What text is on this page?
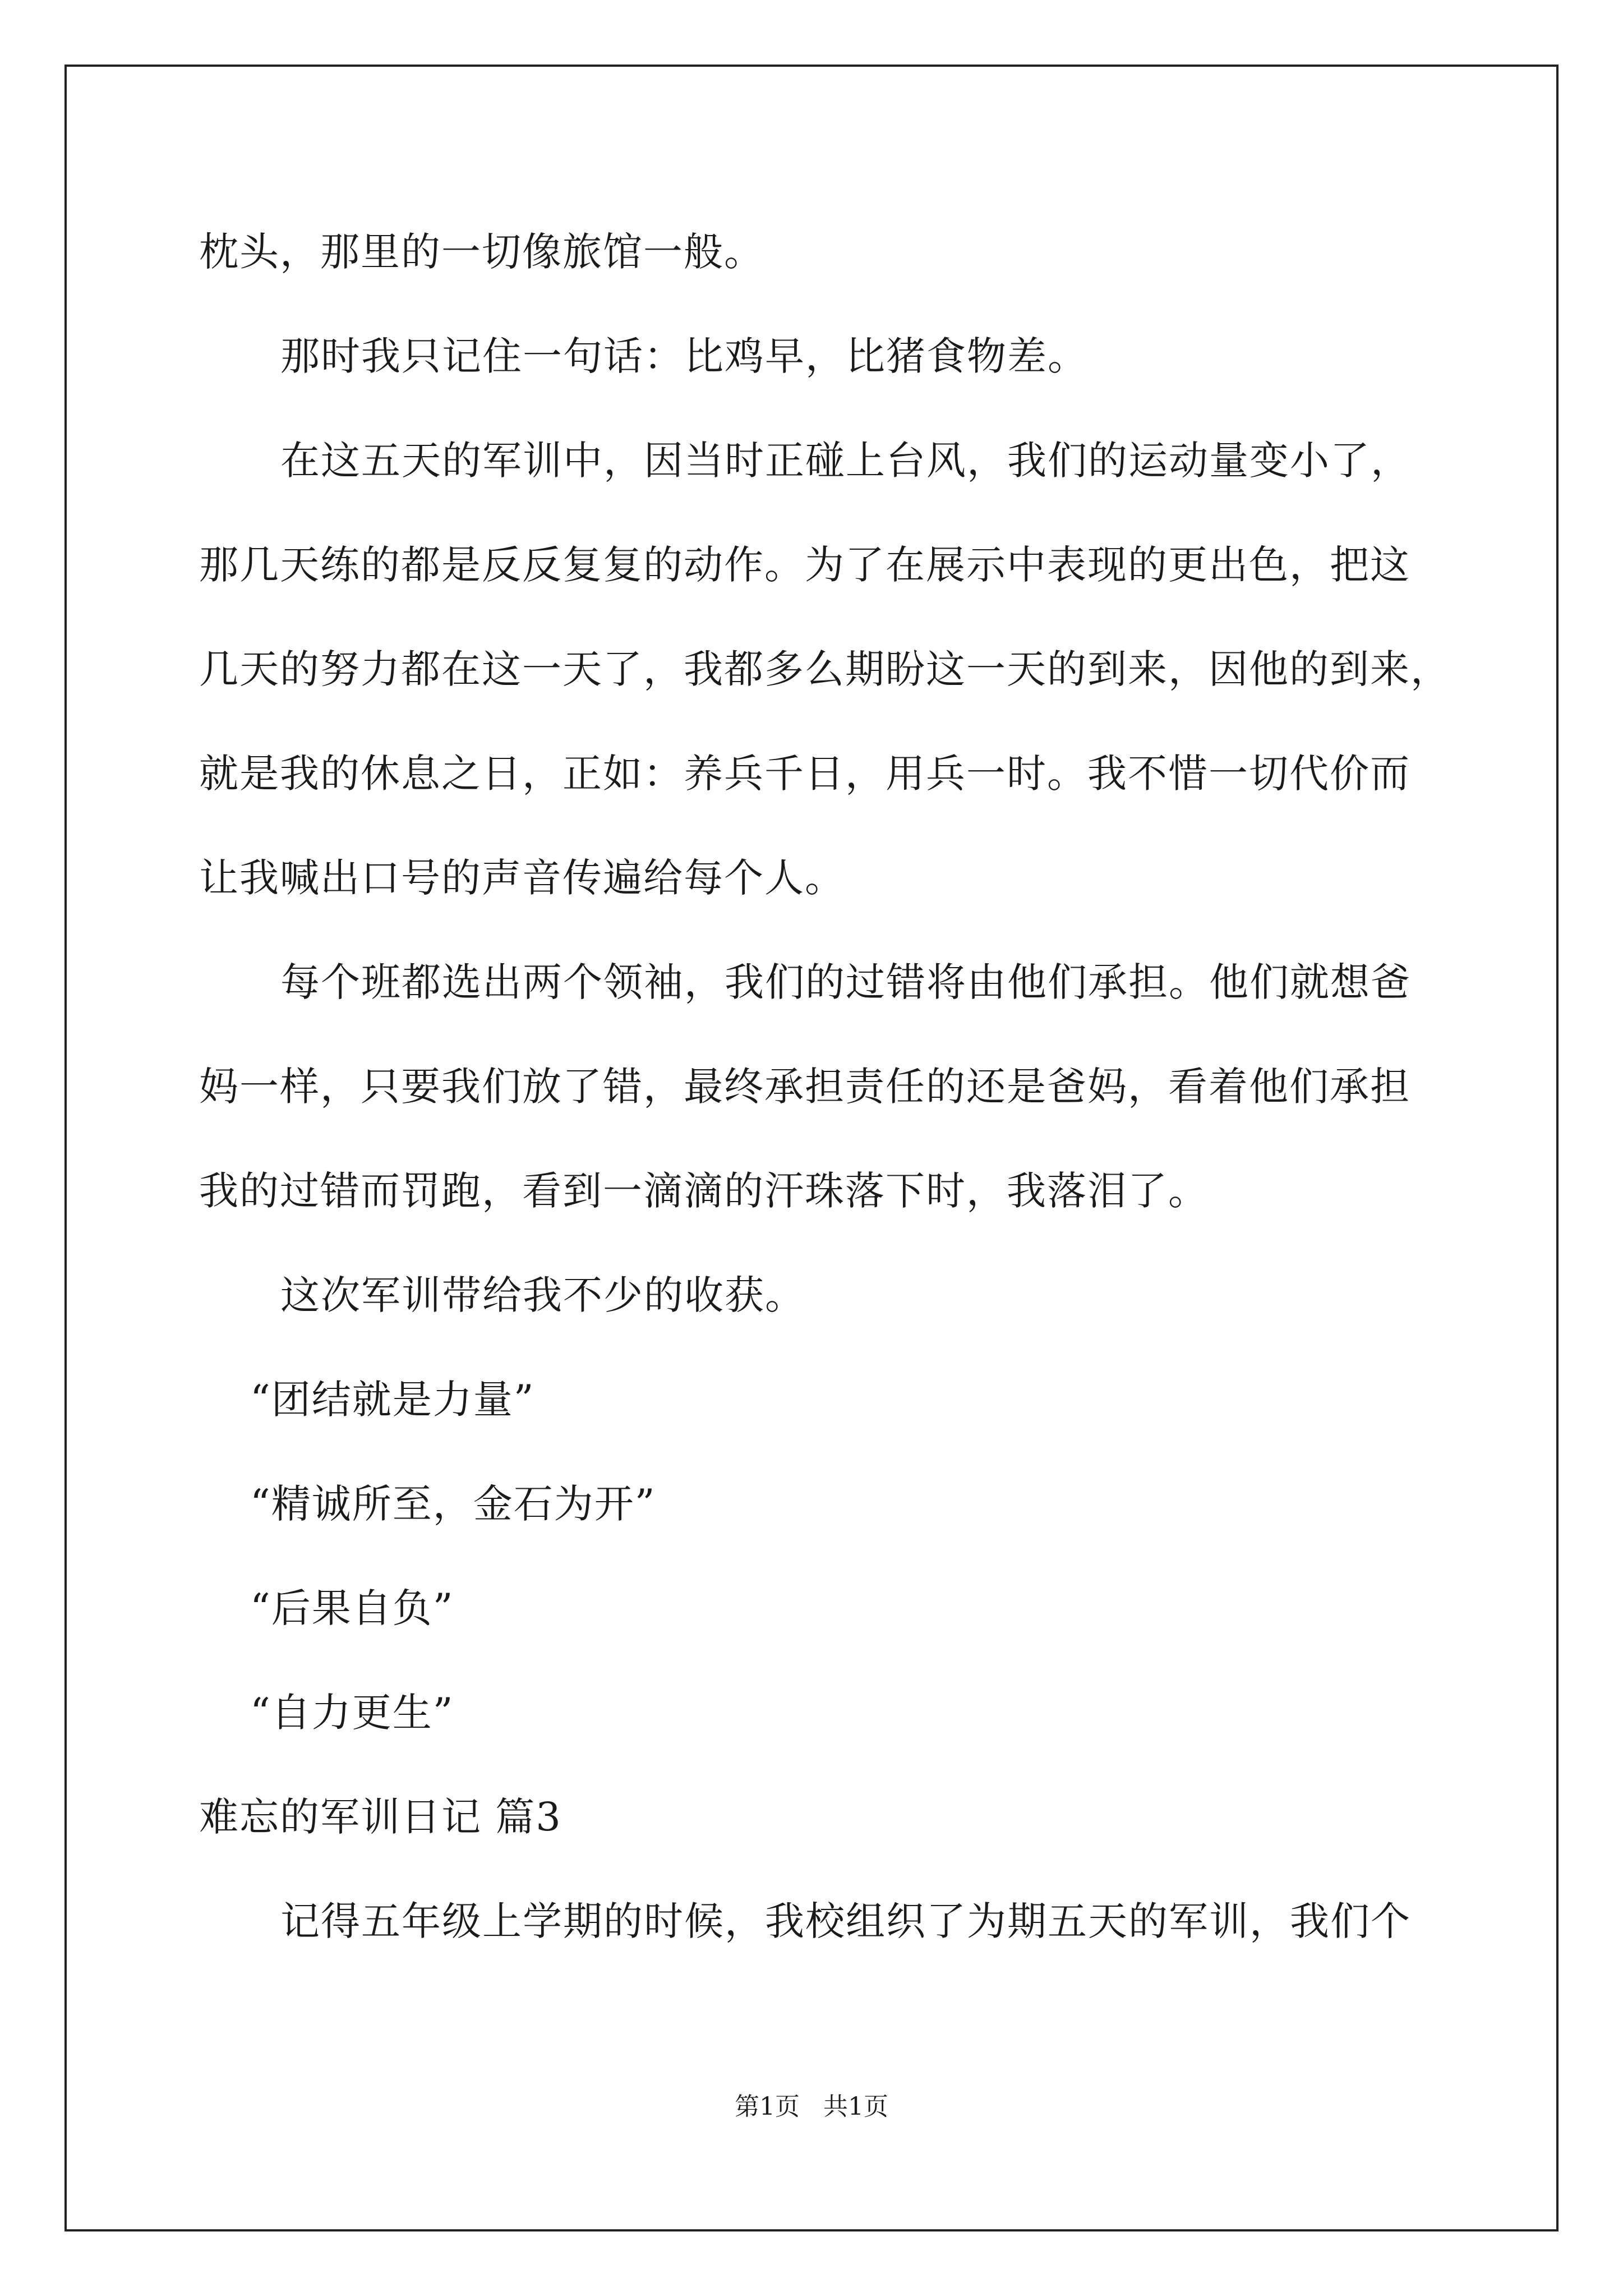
枕头，那里的一切像旅馆一般。
那时我只记住一句话：比鸡早，比猪食物差。
在这五天的军训中，因当时正碰上台风，我们的运动量变小了，
那几天练的都是反反复复的动作。为了在展示中表现的更出色，把这
几天的努力都在这一天了，我都多么期盼这一天的到来，因他的到来，
就是我的休息之日，正如：养兵千日，用兵一时。我不惜一切代价而
让我喊出口号的声音传遍给每个人。
每个班都选出两个领袖，我们的过错将由他们承担。他们就想爸
妈一样，只要我们放了错，最终承担责任的还是爸妈，看着他们承担
我的过错而罚跑，看到一滴滴的汗珠落下时，我落泪了。
这次军训带给我不少的收获。
“团结就是力量”
“精诚所至，金石为开”
“后果自负”
“自力更生”
难忘的军训日记 篇3
记得五年级上学期的时候，我校组织了为期五天的军训，我们个
第1页   共1页
